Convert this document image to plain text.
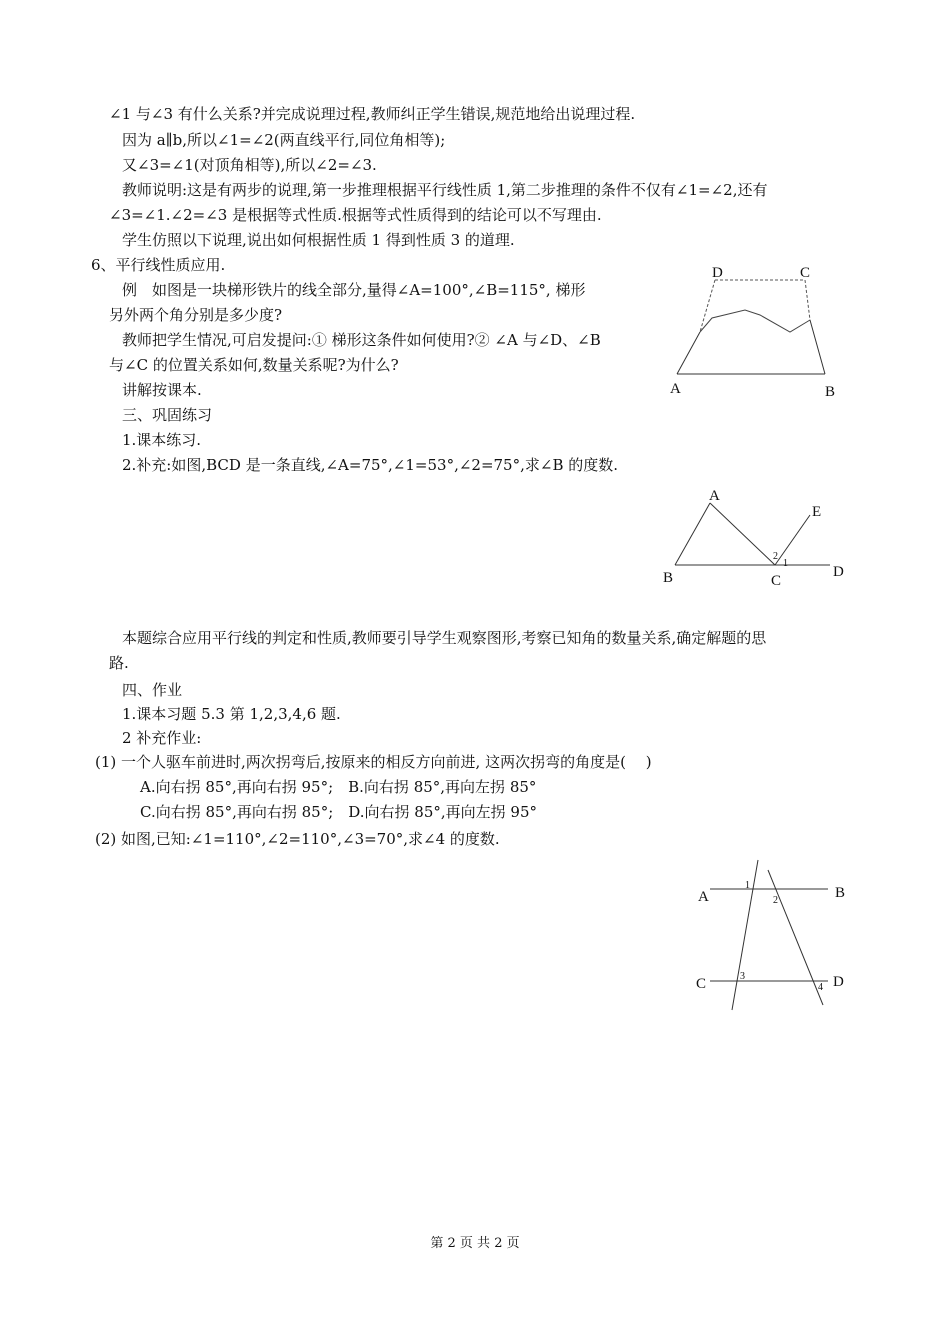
∠1 与∠3 有什么关系?并完成说理过程,教师纠正学生错误,规范地给出说理过程.
因为 a∥b,所以∠1=∠2(两直线平行,同位角相等);
又∠3=∠1(对顶角相等),所以∠2=∠3.
教师说明:这是有两步的说理,第一步推理根据平行线性质 1,第二步推理的条件不仅有∠1=∠2,还有
∠3=∠1.∠2=∠3 是根据等式性质.根据等式性质得到的结论可以不写理由.
学生仿照以下说理,说出如何根据性质 1 得到性质 3 的道理.
6、平行线性质应用.
例　如图是一块梯形铁片的线全部分,量得∠A=100°,∠B=115°, 梯形
另外两个角分别是多少度?
教师把学生情况,可启发提问:① 梯形这条件如何使用?② ∠A 与∠D、∠B
与∠C 的位置关系如何,数量关系呢?为什么?
讲解按课本.
三、巩固练习
1.课本练习.
2.补充:如图,BCD 是一条直线,∠A=75°,∠1=53°,∠2=75°,求∠B 的度数.
本题综合应用平行线的判定和性质,教师要引导学生观察图形,考察已知角的数量关系,确定解题的思
路.
四、作业
1.课本习题 5.3 第 1,2,3,4,6 题.
2 补充作业:
(1) 一个人驱车前进时,两次拐弯后,按原来的相反方向前进, 这两次拐弯的角度是(　 )
A.向右拐 85°,再向右拐 95°;　B.向右拐 85°,再向左拐 85°
C.向右拐 85°,再向右拐 85°;　D.向右拐 85°,再向左拐 95°
(2) 如图,已知:∠1=110°,∠2=110°,∠3=70°,求∠4 的度数.
D	C
A	B
A
E
B	C
D
1
2
A	B
C	D
1
2
3
4
第 2 页 共 2 页
